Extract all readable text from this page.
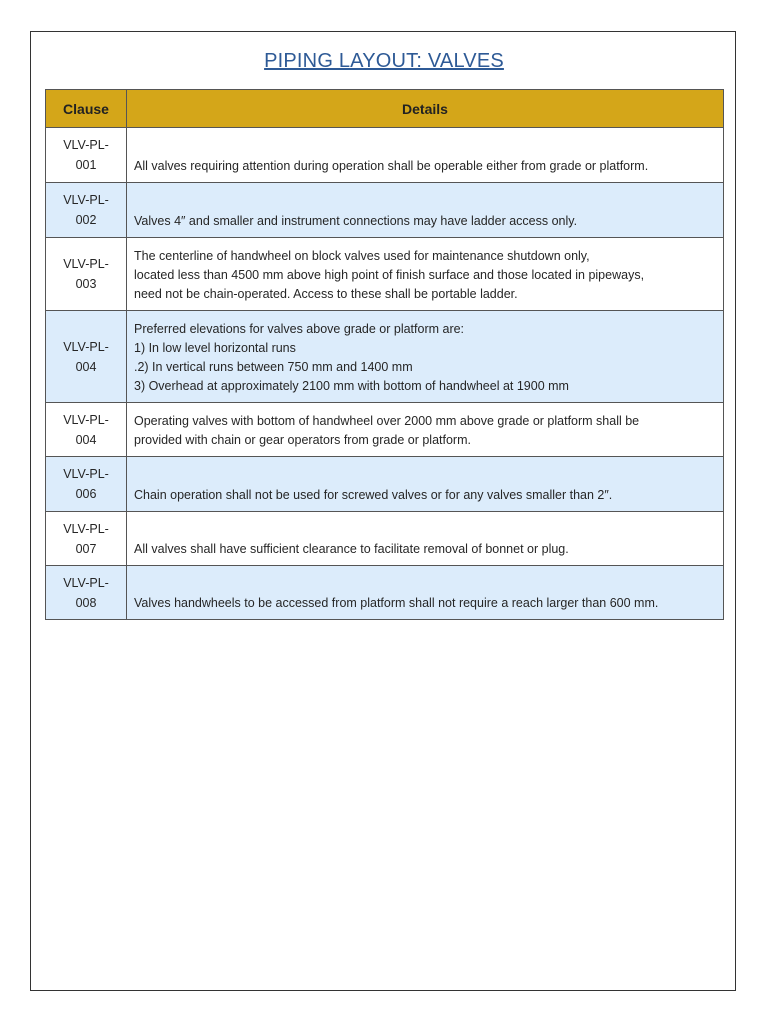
PIPING LAYOUT: VALVES
Clause	Details
VLV-PL-
001	All valves requiring attention during operation shall be operable either from grade or platform.
VLV-PL-
002	Valves 4″ and smaller and instrument connections may have ladder access only.
VLV-PL-
003	The centerline of handwheel on block valves used for maintenance shutdown only,
located less than 4500 mm above high point of finish surface and those located in pipeways,
need not be chain-operated. Access to these shall be portable ladder.
VLV-PL-
004	Preferred elevations for valves above grade or platform are:
1) In low level horizontal runs
.2) In vertical runs between 750 mm and 1400 mm
3) Overhead at approximately 2100 mm with bottom of handwheel at 1900 mm
VLV-PL-
004	Operating valves with bottom of handwheel over 2000 mm above grade or platform shall be
provided with chain or gear operators from grade or platform.
VLV-PL-
006	Chain operation shall not be used for screwed valves or for any valves smaller than 2″.
VLV-PL-
007	All valves shall have sufficient clearance to facilitate removal of bonnet or plug.
VLV-PL-
008	Valves handwheels to be accessed from platform shall not require a reach larger than 600 mm.
